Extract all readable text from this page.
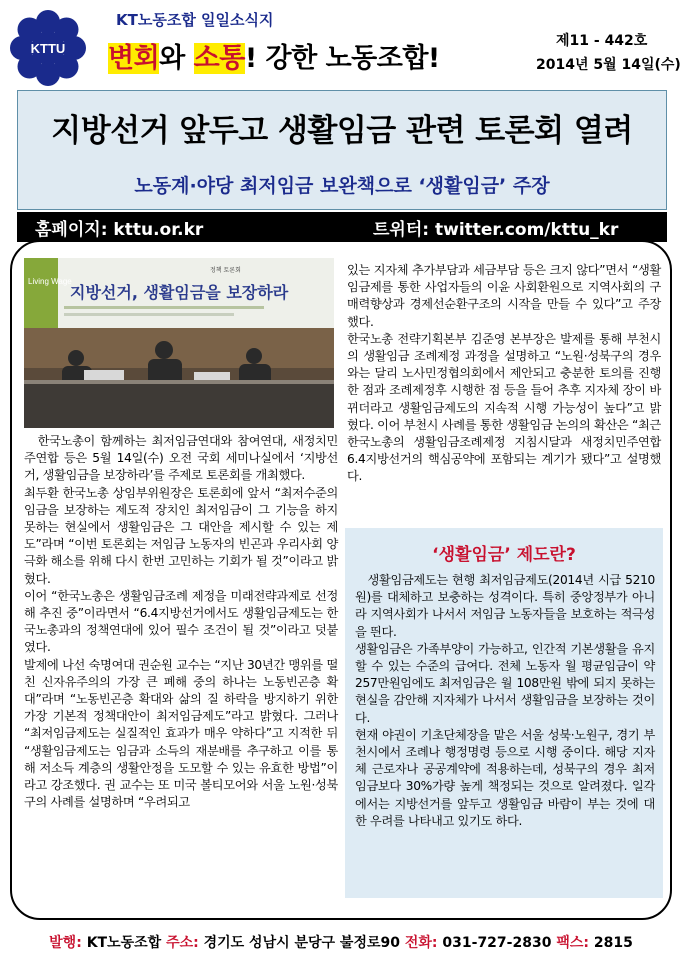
KTTU
KT노동조합 일일소식지
변회와 소통! 강한 노동조합!
제11 - 442호
2014년 5월 14일(수)
지방선거 앞두고 생활임금 관련 토론회 열려
노동계·야당 최저임금 보완책으로 ‘생활임금’ 주장
홈페이지: kttu.or.kr	트위터: twitter.com/kttu_kr
Living Wage
정책 토론회
지방선거, 생활임금을 보장하라

　한국노총이 함께하는 최저임금연대와 참여연대, 새정치민주연합 등은 5월 14일(수) 오전 국회 세미나실에서 ‘지방선거, 생활임금을 보장하라’를 주제로 토론회를 개최했다.

최두환 한국노총 상임부위원장은 토론회에 앞서 “최저수준의 임금을 보장하는 제도적 장치인 최저임금이 그 기능을 하지 못하는 현실에서 생활임금은 그 대안을 제시할 수 있는 제도”라며 “이번 토론회는 저임금 노동자의 빈곤과 우리사회 양극화 해소를 위해 다시 한번 고민하는 기회가 될 것”이라고 밝혔다.

이어 “한국노총은 생활임금조례 제정을 미래전략과제로 선정해 추진 중”이라면서 “6.4지방선거에서도 생활임금제도는 한국노총과의 정책연대에 있어 필수 조건이 될 것”이라고 덧붙였다.

발제에 나선 숙명여대 권순원 교수는 “지난 30년간 맹위를 떨친 신자유주의의 가장 큰 폐해 중의 하나는 노동빈곤층 확대”라며 “노동빈곤층 확대와 삶의 질 하락을 방지하기 위한 가장 기본적 정책대안이 최저임금제도”라고 밝혔다. 그러나 “최저임금제도는 실질적인 효과가 매우 약하다”고 지적한 뒤 “생활임금제도는 임금과 소득의 재분배를 추구하고 이를 통해 저소득 계층의 생활안정을 도모할 수 있는 유효한 방법”이라고 강조했다. 권 교수는 또 미국 볼티모어와 서울 노원·성북구의 사례를 설명하며 “우려되고

있는 지자체 추가부담과 세금부담 등은 크지 않다”면서 “생활임금제를 통한 사업자들의 이윤 사회환원으로 지역사회의 구매력향상과 경제선순환구조의 시작을 만들 수 있다”고 주장했다.

한국노총 전략기획본부 김준영 본부장은 발제를 통해 부천시의 생활임금 조례제정 과정을 설명하고 “노원·성북구의 경우와는 달리 노사민정협의회에서 제안되고 충분한 토의를 진행한 점과 조례제정후 시행한 점 등을 들어 추후 지자체 장이 바뀌더라고 생활임금제도의 지속적 시행 가능성이 높다”고 밝혔다. 이어 부천시 사례를 통한 생활임금 논의의 확산은 “최근 한국노총의 생활임금조례제정 지침시달과 새정치민주연합 6.4지방선거의 핵심공약에 포함되는 계기가 됐다”고 설명했다.

‘생활임금’ 제도란?

　생활임금제도는 현행 최저임금제도(2014년 시급 5210원)를 대체하고 보충하는 성격이다. 특히 중앙정부가 아니라 지역사회가 나서서 저임금 노동자들을 보호하는 적극성을 띈다.

생활임금은 가족부양이 가능하고, 인간적 기본생활을 유지할 수 있는 수준의 급여다. 전체 노동자 월 평균임금이 약 257만원임에도 최저임금은 월 108만원 밖에 되지 못하는 현실을 감안해 지자체가 나서서 생활임금을 보장하는 것이다.

현재 야권이 기초단체장을 맡은 서울 성북·노원구, 경기 부천시에서 조례나 행정명령 등으로 시행 중이다. 해당 지자체 근로자나 공공계약에 적용하는데, 성북구의 경우 최저임금보다 30%가량 높게 책정되는 것으로 알려졌다. 일각에서는 지방선거를 앞두고 생활임금 바람이 부는 것에 대한 우려를 나타내고 있기도 하다.

발행: KT노동조합 주소: 경기도 성남시 분당구 불정로90 전화: 031-727-2830 팩스: 2815
